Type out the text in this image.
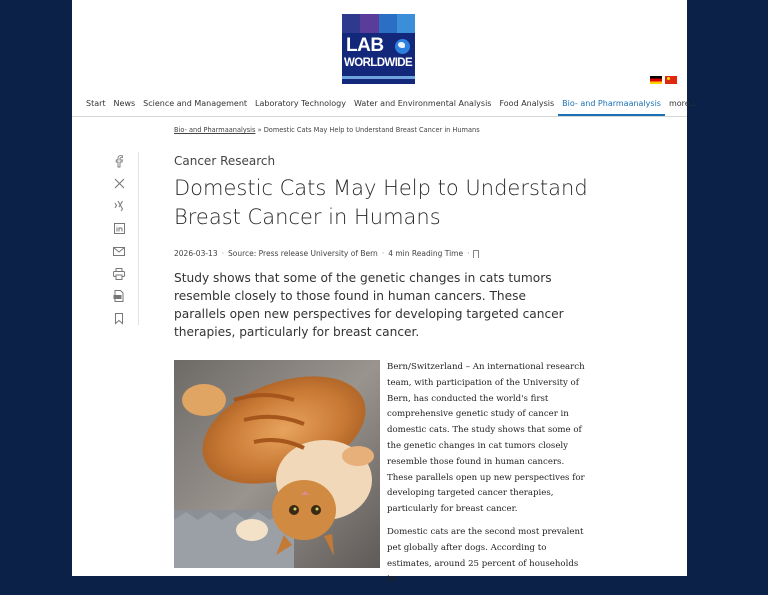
LAB
WORLDWIDE
Start	News	Science and Management	Laboratory Technology	Water and Environmental Analysis	Food Analysis	Bio- and Pharmaanalysis	more...
Bio- and Pharmaanalysis » Domestic Cats May Help to Understand Breast Cancer in Humans
Cancer Research
Domestic Cats May Help to Understand Breast Cancer in Humans
2026-03-13 · Source: Press release University of Bern · 4 min Reading Time ·

Study shows that some of the genetic changes in cats tumors resemble closely to those found in human cancers. These parallels open new perspectives for developing targeted cancer therapies, particularly for breast cancer.

Bern/Switzerland – An international research team, with participation of the University of Bern, has conducted the world's first comprehensive genetic study of cancer in domestic cats. The study shows that some of the genetic changes in cat tumors closely resemble those found in human cancers. These parallels open up new perspectives for developing targeted cancer therapies, particularly for breast cancer.

Domestic cats are the second most prevalent pet globally after dogs. According to estimates, around 25 percent of households in
